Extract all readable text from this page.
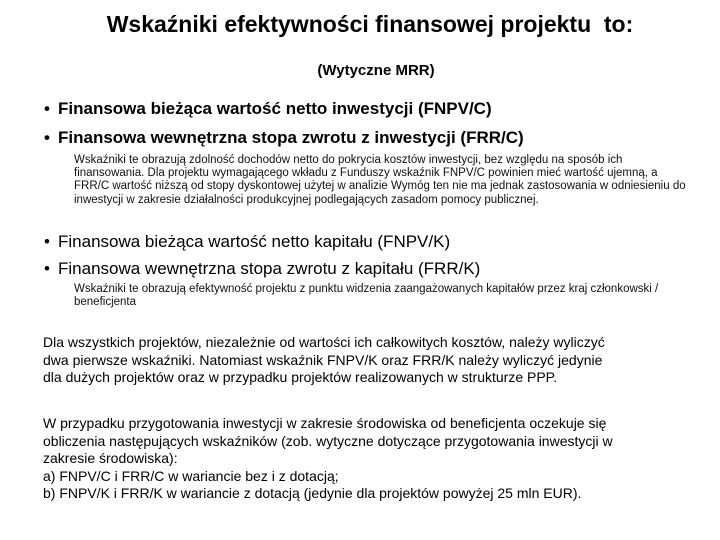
Wskaźniki efektywności finansowej projektu  to:
(Wytyczne MRR)
• Finansowa bieżąca wartość netto inwestycji (FNPV/C)
• Finansowa wewnętrzna stopa zwrotu z inwestycji (FRR/C)
Wskaźniki te obrazują zdolność dochodów netto do pokrycia kosztów inwestycji, bez względu na sposób ich finansowania. Dla projektu wymagającego wkładu z Funduszy wskaźnik FNPV/C powinien mieć wartość ujemną, a FRR/C wartość niższą od stopy dyskontowej użytej w analizie Wymóg ten nie ma jednak zastosowania w odniesieniu do inwestycji w zakresie działalności produkcyjnej podlegających zasadom pomocy publicznej.
• Finansowa bieżąca wartość netto kapitału (FNPV/K)
• Finansowa wewnętrzna stopa zwrotu z kapitału (FRR/K)
Wskaźniki te obrazują efektywność projektu z punktu widzenia zaangażowanych kapitałów przez kraj członkowski / beneficjenta
Dla wszystkich projektów, niezależnie od wartości ich całkowitych kosztów, należy wyliczyć
dwa pierwsze wskaźniki. Natomiast wskaźnik FNPV/K oraz FRR/K należy wyliczyć jedynie
dla dużych projektów oraz w przypadku projektów realizowanych w strukturze PPP.
W przypadku przygotowania inwestycji w zakresie środowiska od beneficjenta oczekuje się
obliczenia następujących wskaźników (zob. wytyczne dotyczące przygotowania inwestycji w
zakresie środowiska):
a) FNPV/C i FRR/C w wariancie bez i z dotacją;
b) FNPV/K i FRR/K w wariancie z dotacją (jedynie dla projektów powyżej 25 mln EUR).
